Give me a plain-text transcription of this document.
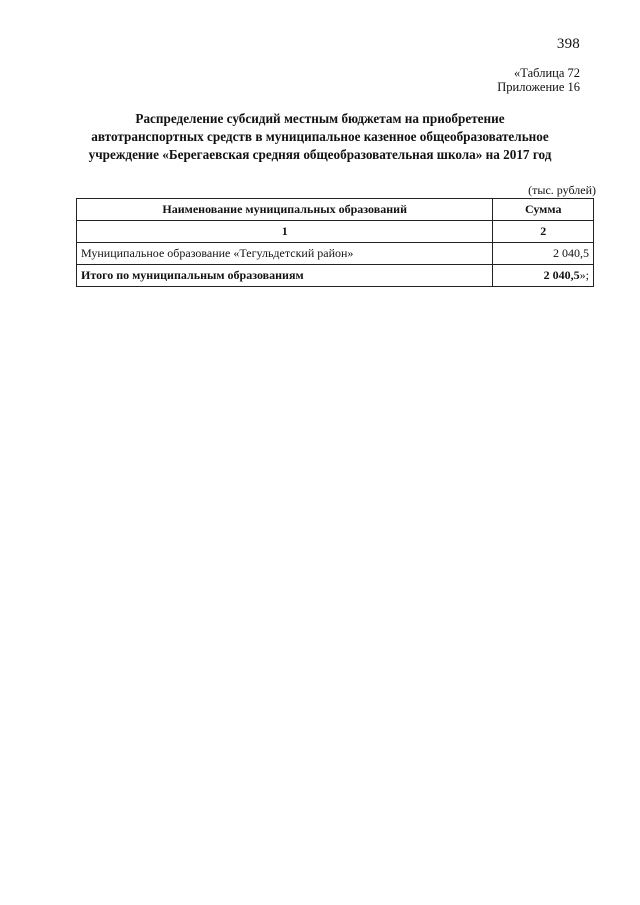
398
«Таблица 72
Приложение 16
Распределение субсидий местным бюджетам на приобретение
автотранспортных средств в муниципальное казенное общеобразовательное
учреждение «Берегаевская средняя общеобразовательная школа» на 2017 год
(тыс. рублей)
Наименование муниципальных образований	Сумма
1	2
Муниципальное образование «Тегульдетский район»	2 040,5
Итого по муниципальным образованиям	2 040,5»;
